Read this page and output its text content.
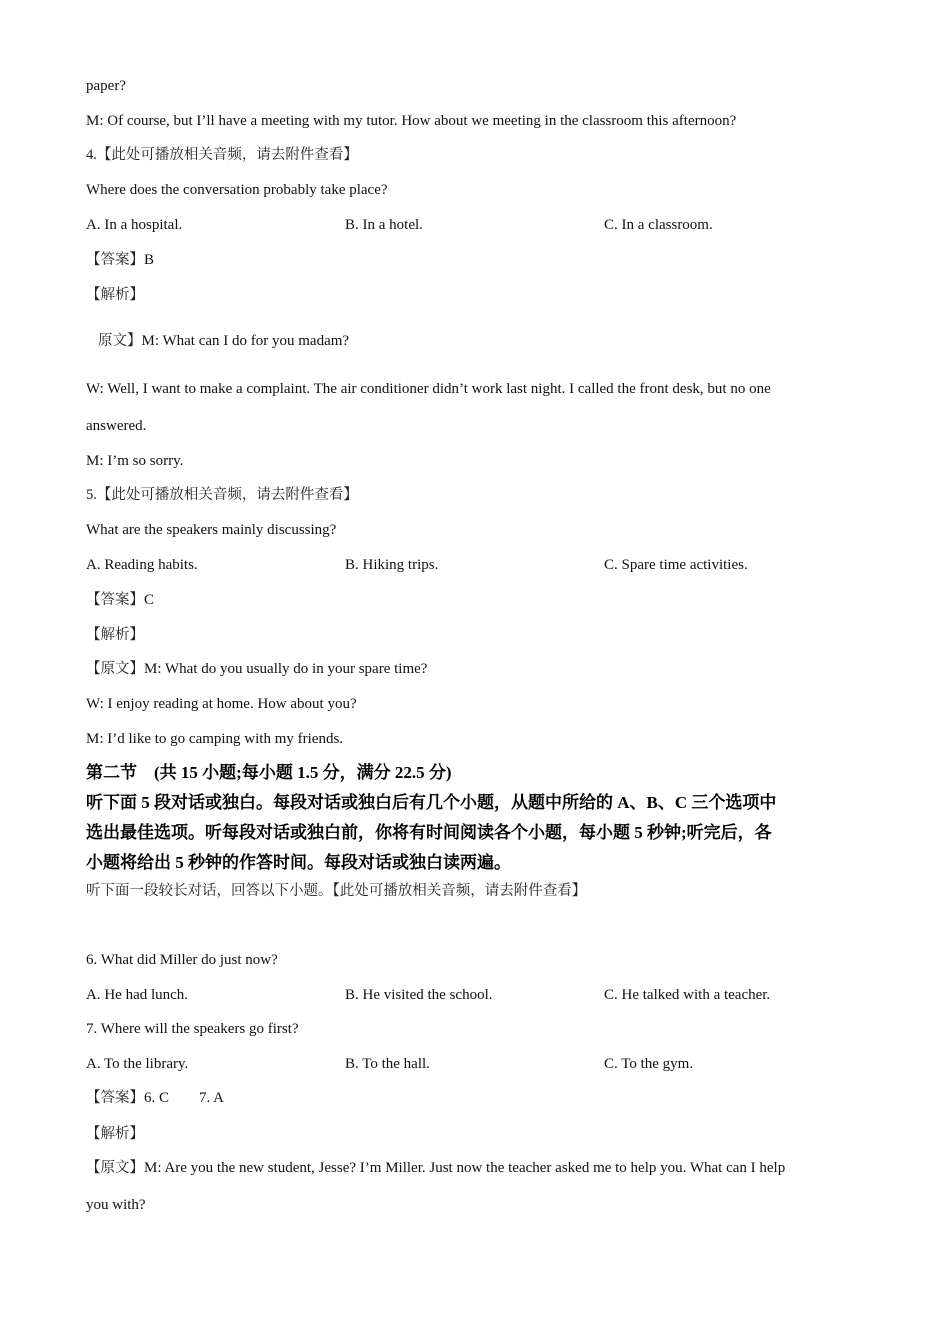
paper?
M: Of course, but I’ll have a meeting with my tutor. How about we meeting in the classroom this afternoon?
4.【此处可播放相关音频，请去附件查看】
Where does the conversation probably take place?
A. In a hospital.	B. In a hotel.	C. In a classroom.
【答案】B
【解析】
原文】M: What can I do for you madam?
W: Well, I want to make a complaint. The air conditioner didn’t work last night. I called the front desk, but no one
answered.
M: I’m so sorry.
5.【此处可播放相关音频，请去附件查看】
What are the speakers mainly discussing?
A. Reading habits.	B. Hiking trips.	C. Spare time activities.
【答案】C
【解析】
【原文】M: What do you usually do in your spare time?
W: I enjoy reading at home. How about you?
M: I’d like to go camping with my friends.
第二节　(共 15 小题;每小题 1.5 分，满分 22.5 分)
听下面 5 段对话或独白。每段对话或独白后有几个小题，从题中所给的 A、B、C 三个选项中
选出最佳选项。听每段对话或独白前，你将有时间阅读各个小题，每小题 5 秒钟;听完后，各
小题将给出 5 秒钟的作答时间。每段对话或独白读两遍。
听下面一段较长对话，回答以下小题。【此处可播放相关音频，请去附件查看】
6. What did Miller do just now?
A. He had lunch.	B. He visited the school.	C. He talked with a teacher.
7. Where will the speakers go first?
A. To the library.	B. To the hall.	C. To the gym.
【答案】6. C　　7. A
【解析】
【原文】M: Are you the new student, Jesse? I’m Miller. Just now the teacher asked me to help you. What can I help
you with?
